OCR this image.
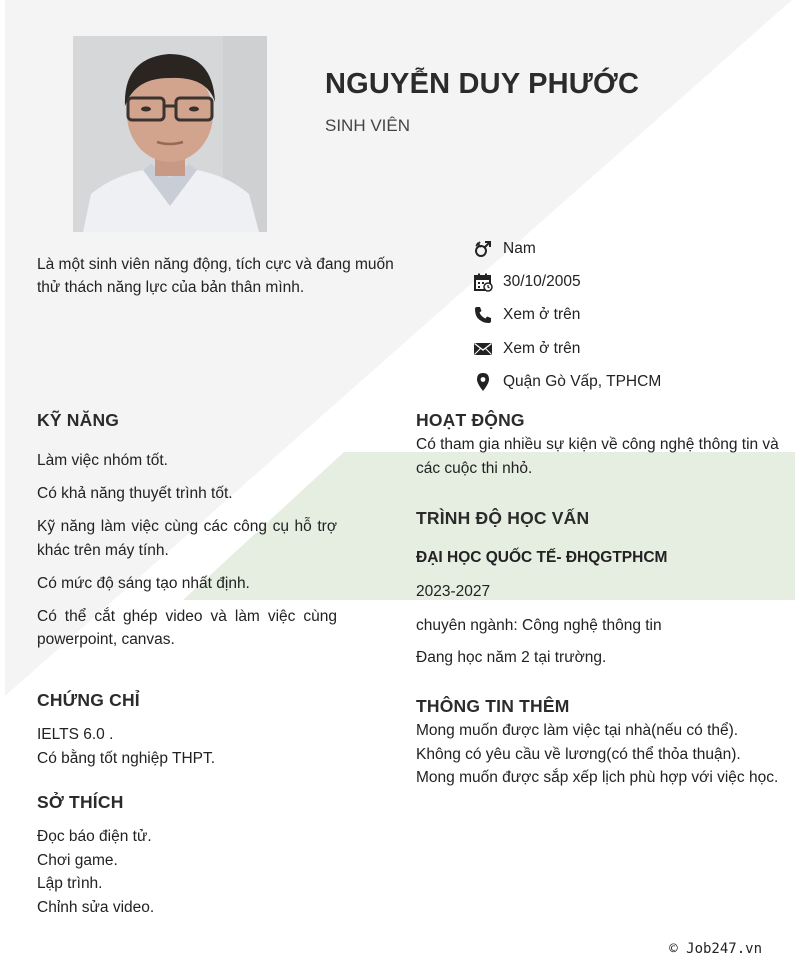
NGUYỄN DUY PHƯỚC
SINH VIÊN
Là một sinh viên năng động, tích cực và đang muốn thử thách năng lực của bản thân mình.
Nam
30/10/2005
Xem ở trên
Xem ở trên
Quận Gò Vấp, TPHCM
KỸ NĂNG
Làm việc nhóm tốt.
Có khả năng thuyết trình tốt.
Kỹ năng làm việc cùng các công cụ hỗ trợ khác trên máy tính.
Có mức độ sáng tạo nhất định.
Có thể cắt ghép video và làm việc cùng powerpoint, canvas.
CHỨNG CHỈ
IELTS 6.0 .
Có bằng tốt nghiệp THPT.
SỞ THÍCH
Đọc báo điện tử.
Chơi game.
Lập trình.
Chỉnh sửa video.
HOẠT ĐỘNG
Có tham gia nhiều sự kiện về công nghệ thông tin và các cuộc thi nhỏ.
TRÌNH ĐỘ HỌC VẤN
ĐẠI HỌC QUỐC TẾ- ĐHQGTPHCM
2023-2027
chuyên ngành: Công nghệ thông tin
Đang học năm 2 tại trường.
THÔNG TIN THÊM
Mong muốn được làm việc tại nhà(nếu có thể).
Không có yêu cầu về lương(có thể thỏa thuận).
Mong muốn được sắp xếp lịch phù hợp với việc học.
© Job247.vn
